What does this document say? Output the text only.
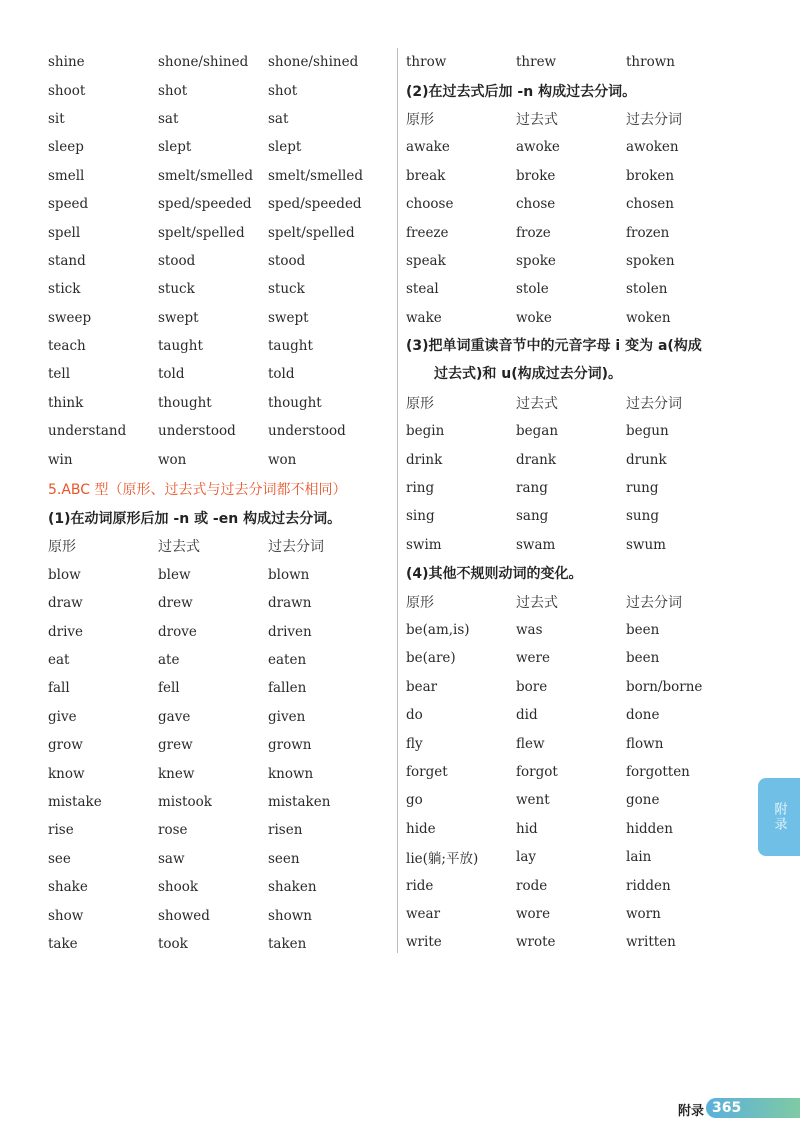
shine	shone/shined	shone/shined
shoot	shot	shot
sit	sat	sat
sleep	slept	slept
smell	smelt/smelled	smelt/smelled
speed	sped/speeded	sped/speeded
spell	spelt/spelled	spelt/spelled
stand	stood	stood
stick	stuck	stuck
sweep	swept	swept
teach	taught	taught
tell	told	told
think	thought	thought
understand	understood	understood
win	won	won
5.ABC 型（原形、过去式与过去分词都不相同）
(1)在动词原形后加 -n 或 -en 构成过去分词。
原形	过去式	过去分词
blow	blew	blown
draw	drew	drawn
drive	drove	driven
eat	ate	eaten
fall	fell	fallen
give	gave	given
grow	grew	grown
know	knew	known
mistake	mistook	mistaken
rise	rose	risen
see	saw	seen
shake	shook	shaken
show	showed	shown
take	took	taken
throw	threw	thrown
(2)在过去式后加 -n 构成过去分词。
原形	过去式	过去分词
awake	awoke	awoken
break	broke	broken
choose	chose	chosen
freeze	froze	frozen
speak	spoke	spoken
steal	stole	stolen
wake	woke	woken
(3)把单词重读音节中的元音字母 i 变为 a(构成
过去式)和 u(构成过去分词)。
原形	过去式	过去分词
begin	began	begun
drink	drank	drunk
ring	rang	rung
sing	sang	sung
swim	swam	swum
(4)其他不规则动词的变化。
原形	过去式	过去分词
be(am,is)	was	been
be(are)	were	been
bear	bore	born/borne
do	did	done
fly	flew	flown
forget	forgot	forgotten
go	went	gone
hide	hid	hidden
lie(躺;平放)	lay	lain
ride	rode	ridden
wear	wore	worn
write	wrote	written
附录
附录 365
